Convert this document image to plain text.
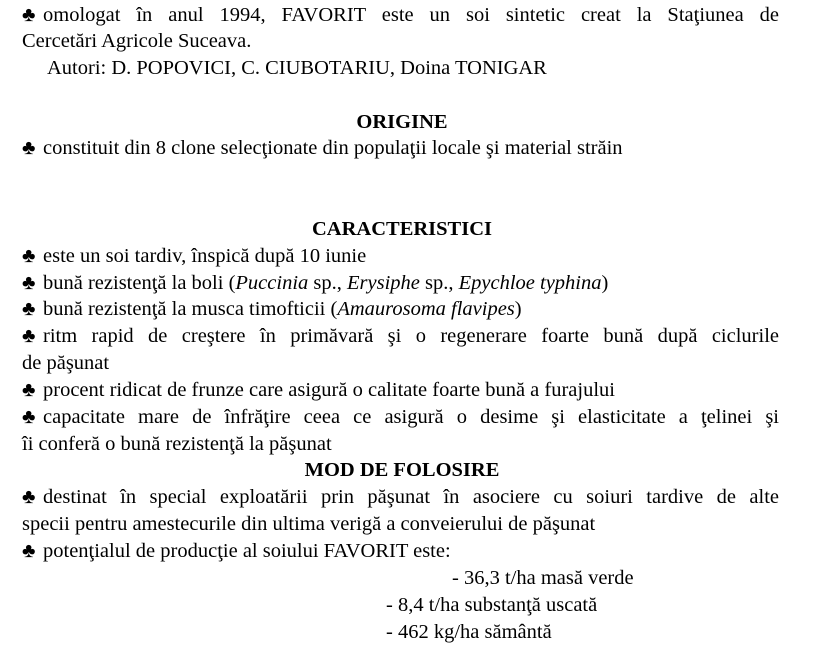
♣ omologat în anul 1994, FAVORIT este un soi sintetic creat la Staţiunea de
Cercetări Agricole Suceava.
Autori: D. POPOVICI, C. CIUBOTARIU, Doina TONIGAR
ORIGINE
♣ constituit din 8 clone selecţionate din populaţii locale şi material străin
CARACTERISTICI
♣ este un soi tardiv, înspică după 10 iunie
♣ bună rezistenţă la boli (Puccinia sp., Erysiphe sp., Epychloe typhina)
♣ bună rezistenţă la musca timofticii (Amaurosoma flavipes)
♣ ritm rapid de creştere în primăvară şi o regenerare foarte bună după ciclurile
de păşunat
♣ procent ridicat de frunze care asigură o calitate foarte bună a furajului
♣ capacitate mare de înfrăţire ceea ce asigură o desime şi elasticitate a ţelinei şi
îi conferă o bună rezistenţă la păşunat
MOD DE FOLOSIRE
♣ destinat în special exploatării prin păşunat în asociere cu soiuri tardive de alte
specii pentru amestecurile din ultima verigă a conveierului de păşunat
♣ potenţialul de producţie al soiului FAVORIT este:
- 36,3 t/ha masă verde
- 8,4 t/ha substanţă uscată
- 462 kg/ha sământă
